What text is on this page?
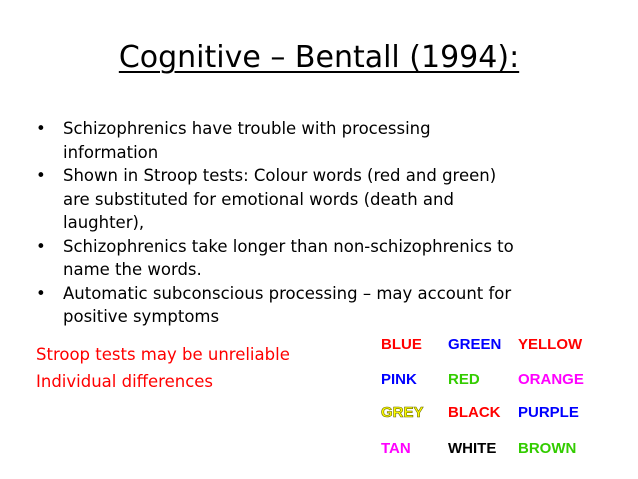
Cognitive – Bentall (1994):
• Schizophrenics have trouble with processing
information
• Shown in Stroop tests: Colour words (red and green)
are substituted for emotional words (death and
laughter),
• Schizophrenics take longer than non-schizophrenics to
name the words.
• Automatic subconscious processing – may account for
positive symptoms
Stroop tests may be unreliable
Individual differences
BLUE GREEN YELLOW
PINK RED	ORANGE
GREY BLACK PURPLE
TAN WHITE BROWN
